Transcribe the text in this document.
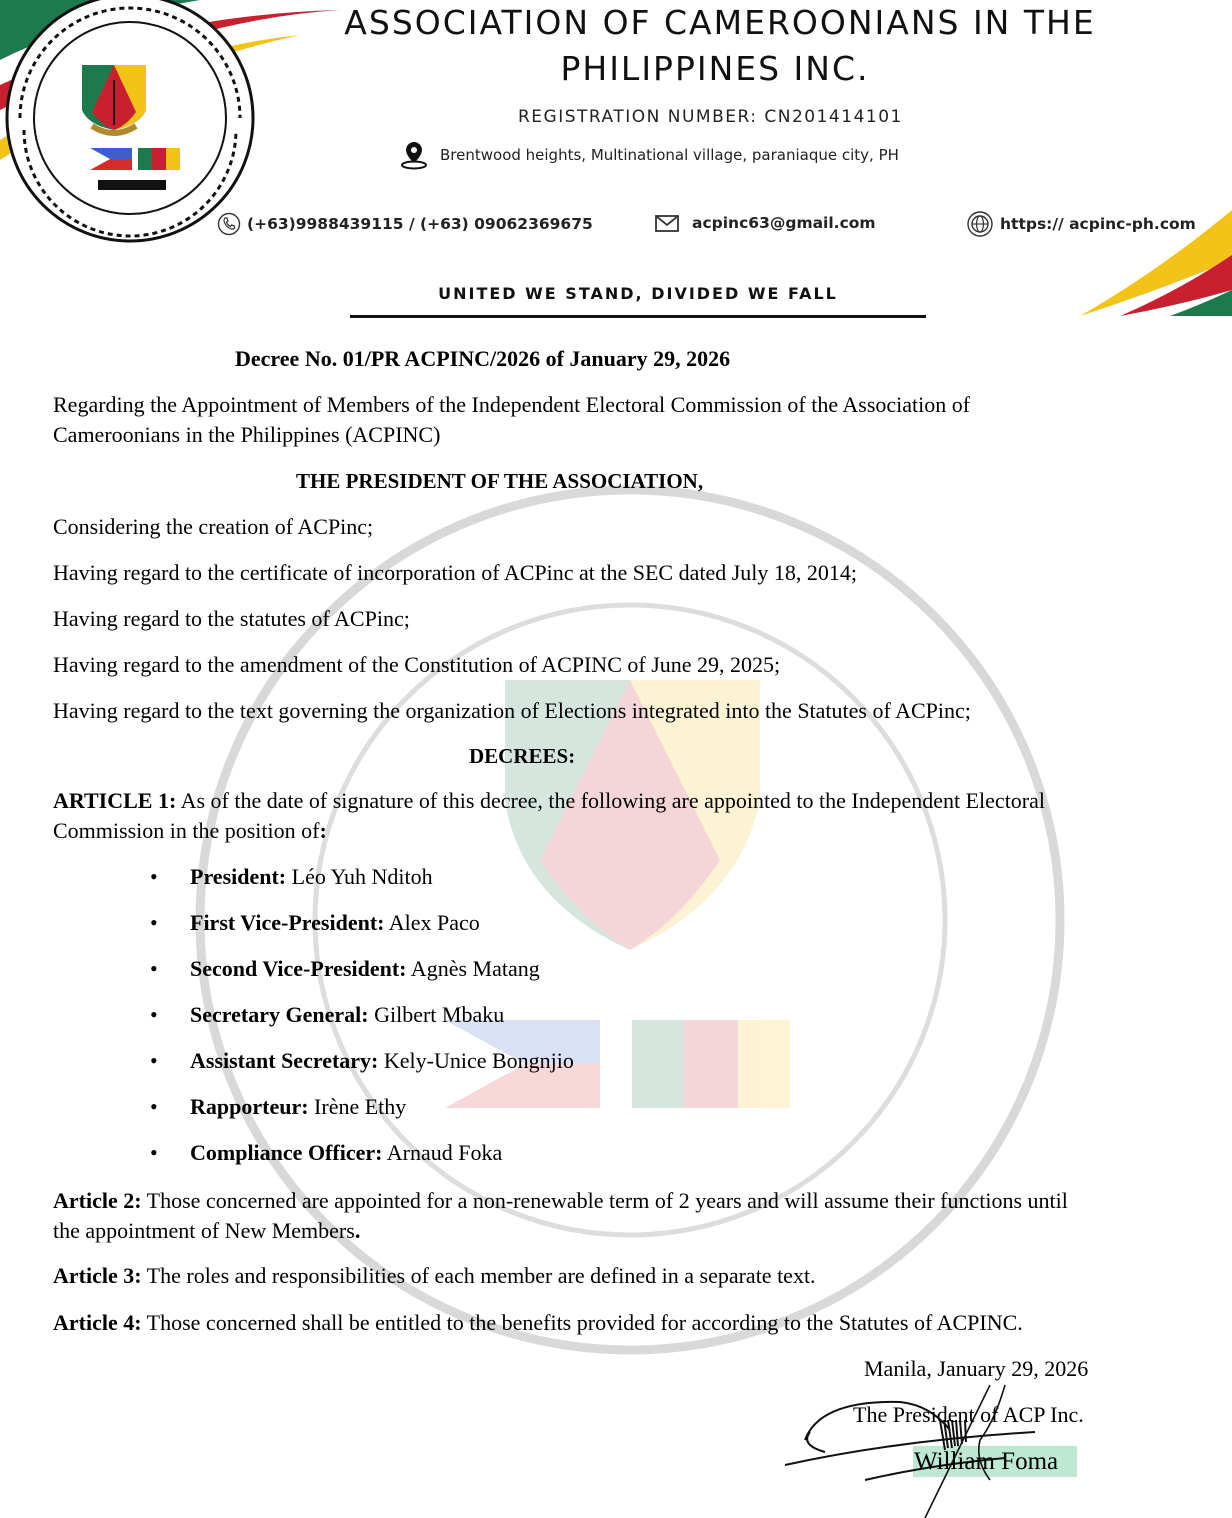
ASSOCIATION OF CAMEROONIANS IN THE
PHILIPPINES INC.
REGISTRATION NUMBER: CN201414101
Brentwood heights, Multinational village, paraniaque city, PH
(+63)9988439115 / (+63) 09062369675	acpinc63@gmail.com	https:// acpinc-ph.com
UNITED WE STAND, DIVIDED WE FALL
Decree No. 01/PR ACPINC/2026 of January 29, 2026
Regarding the Appointment of Members of the Independent Electoral Commission of the Association of
Cameroonians in the Philippines (ACPINC)
THE PRESIDENT OF THE ASSOCIATION,
Considering the creation of ACPinc;
Having regard to the certificate of incorporation of ACPinc at the SEC dated July 18, 2014;
Having regard to the statutes of ACPinc;
Having regard to the amendment of the Constitution of ACPINC of June 29, 2025;
Having regard to the text governing the organization of Elections integrated into the Statutes of ACPinc;
DECREES:
ARTICLE 1: As of the date of signature of this decree, the following are appointed to the Independent Electoral
Commission in the position of:
• President: Léo Yuh Nditoh
• First Vice-President: Alex Paco
• Second Vice-President: Agnès Matang
• Secretary General: Gilbert Mbaku
• Assistant Secretary: Kely-Unice Bongnjio
• Rapporteur: Irène Ethy
• Compliance Officer: Arnaud Foka
Article 2: Those concerned are appointed for a non-renewable term of 2 years and will assume their functions until
the appointment of New Members.
Article 3: The roles and responsibilities of each member are defined in a separate text.
Article 4: Those concerned shall be entitled to the benefits provided for according to the Statutes of ACPINC.
Manila, January 29, 2026
The President of ACP Inc.
William Foma
